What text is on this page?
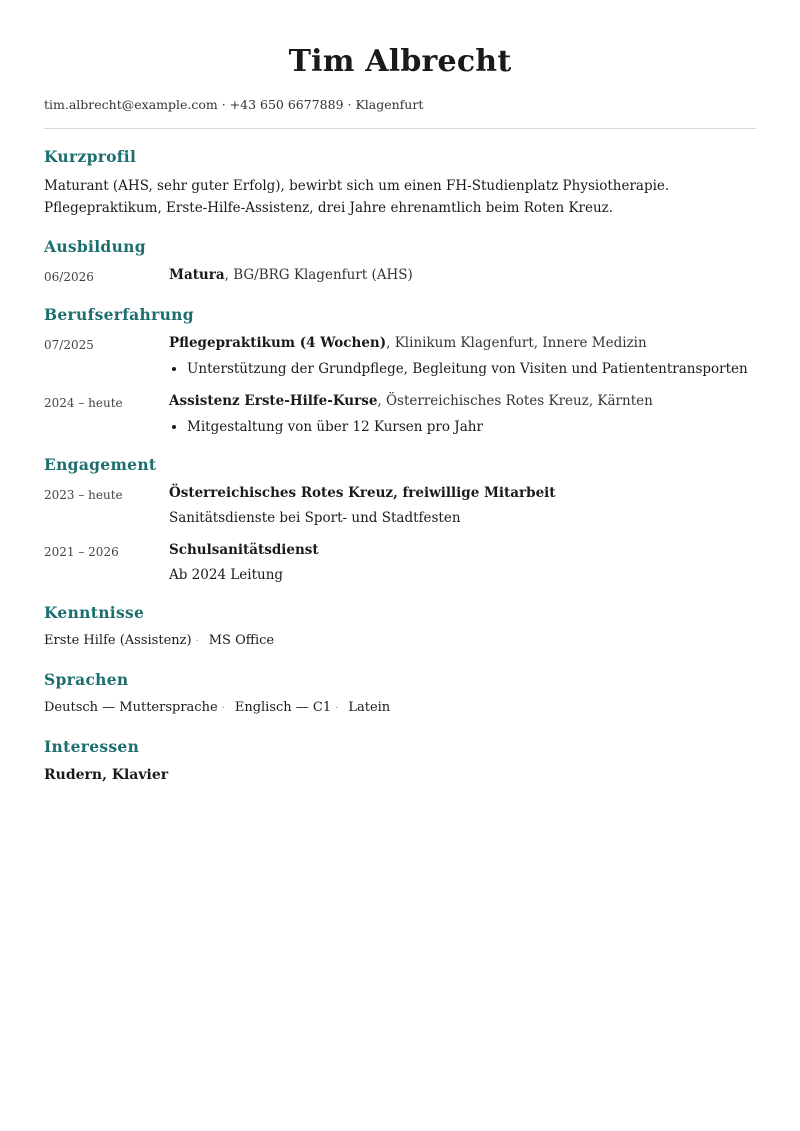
Tim Albrecht
tim.albrecht@example.com · +43 650 6677889 · Klagenfurt
Kurzprofil

Maturant (AHS, sehr guter Erfolg), bewirbt sich um einen FH-Studienplatz Physiotherapie. Pflegepraktikum, Erste-Hilfe-Assistenz, drei Jahre ehrenamtlich beim Roten Kreuz.

Ausbildung
06/2026	Matura, BG/BRG Klagenfurt (AHS)
Berufserfahrung
07/2025	Pflegepraktikum (4 Wochen), Klinikum Klagenfurt, Innere Medizin
• Unterstützung der Grundpflege, Begleitung von Visiten und Patiententransporten
2024 – heute	Assistenz Erste-Hilfe-Kurse, Österreichisches Rotes Kreuz, Kärnten
• Mitgestaltung von über 12 Kursen pro Jahr
Engagement
2023 – heute	Österreichisches Rotes Kreuz, freiwillige Mitarbeit
Sanitätsdienste bei Sport- und Stadtfesten
2021 – 2026	Schulsanitätsdienst
Ab 2024 Leitung
Kenntnisse
Erste Hilfe (Assistenz) · MS Office
Sprachen
Deutsch — Muttersprache · Englisch — C1 · Latein
Interessen
Rudern, Klavier
